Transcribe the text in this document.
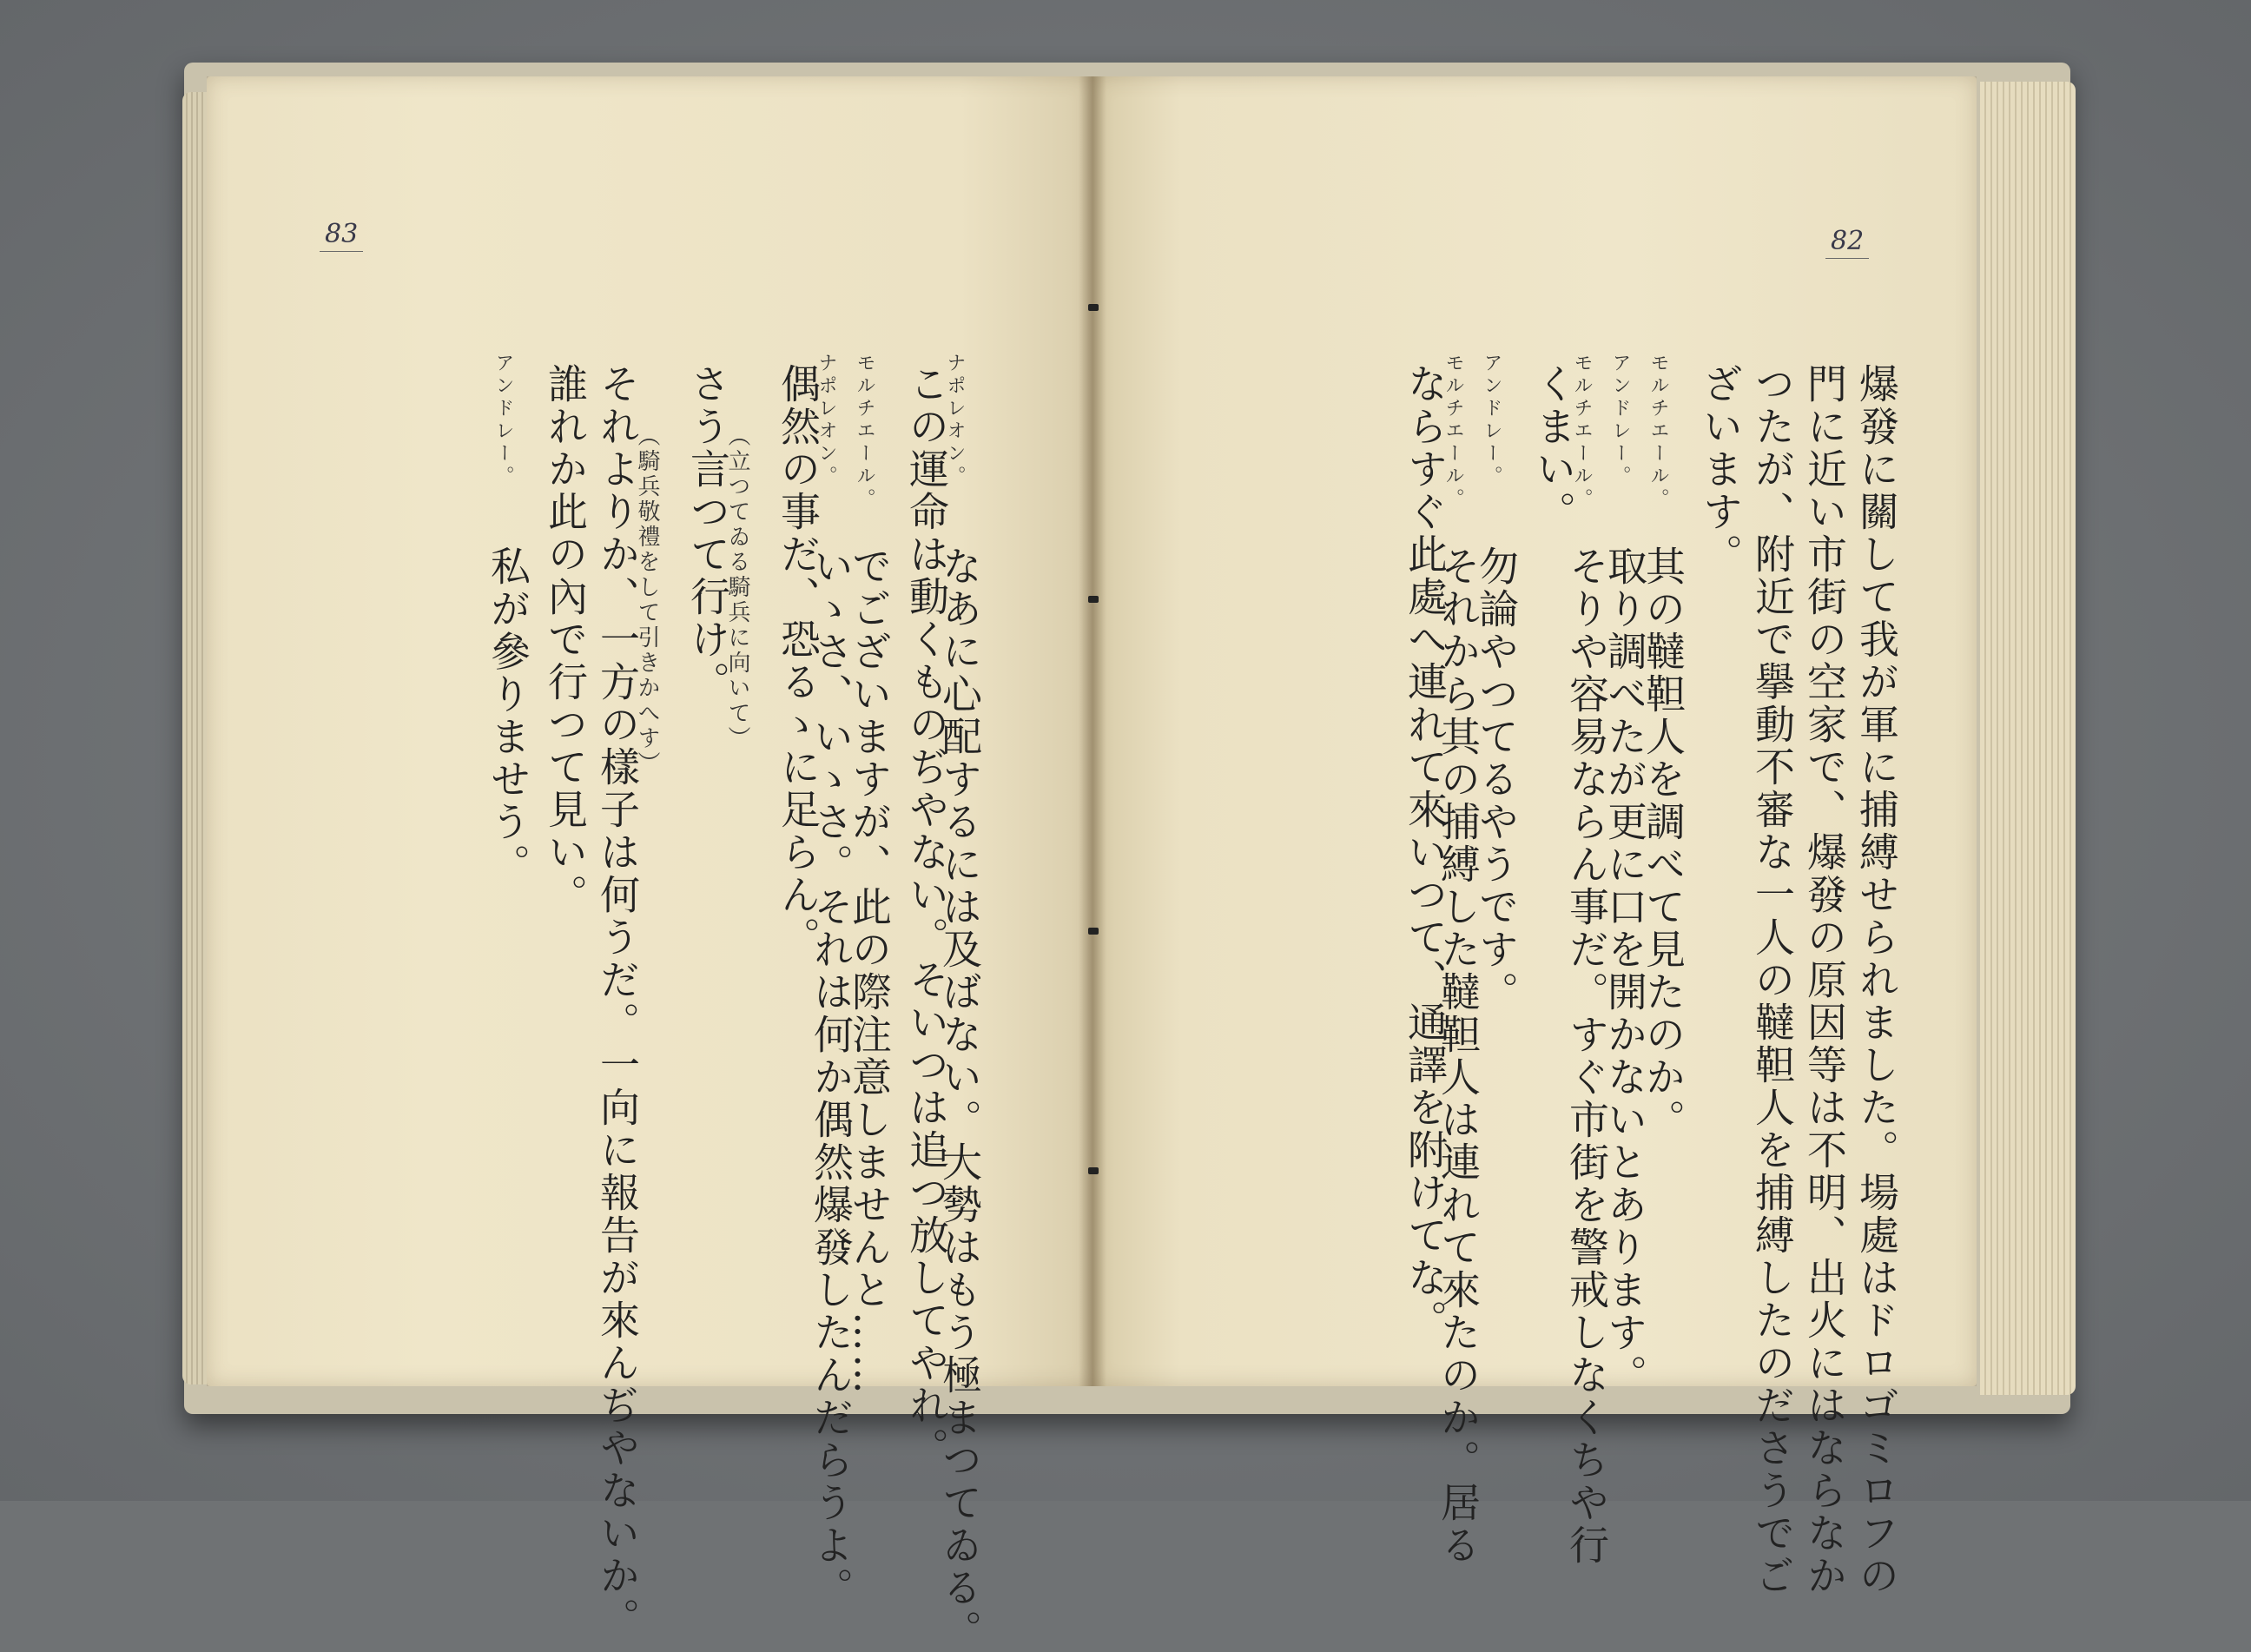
83
ナポレオン。
なあに心配するには及ばない。大勢はもう極まつてゐる。
この運命は動くものぢやない。そいつは追つ放してやれ。
モルチエール。
でございますが、此の際注意しませんと……
ナポレオン。
いゝさ、いゝさ。それは何か偶然爆發したんだらうよ。
偶然の事だ、恐るゝに足らん。
（立つてゐる騎兵に向いて）
さう言つて行け。
（騎兵敬禮をして引きかへす）
それよりか、一方の樣子は何うだ。一向に報告が來んぢやないか。
誰れか此の內で行つて見い。
アンドレー。
私が參りませう。
82
爆發に關して我が軍に捕縛せられました。場處はドロゴミロフの
門に近い市街の空家で、爆發の原因等は不明、出火にはならなか
つたが、附近で擧動不審な一人の韃靼人を捕縛したのださうでご
ざいます。
モルチエール。
其の韃靼人を調べて見たのか。
アンドレー。
取り調べたが更に口を開かないとあります。
モルチエール。
そりや容易ならん事だ。すぐ市街を警戒しなくちや行
くまい。
アンドレー。
勿論やつてるやうです。
モルチエール。
それから其の捕縛した韃靼人は連れて來たのか。居る
ならすぐ此處へ連れて來いつて、通譯を附けてな。
